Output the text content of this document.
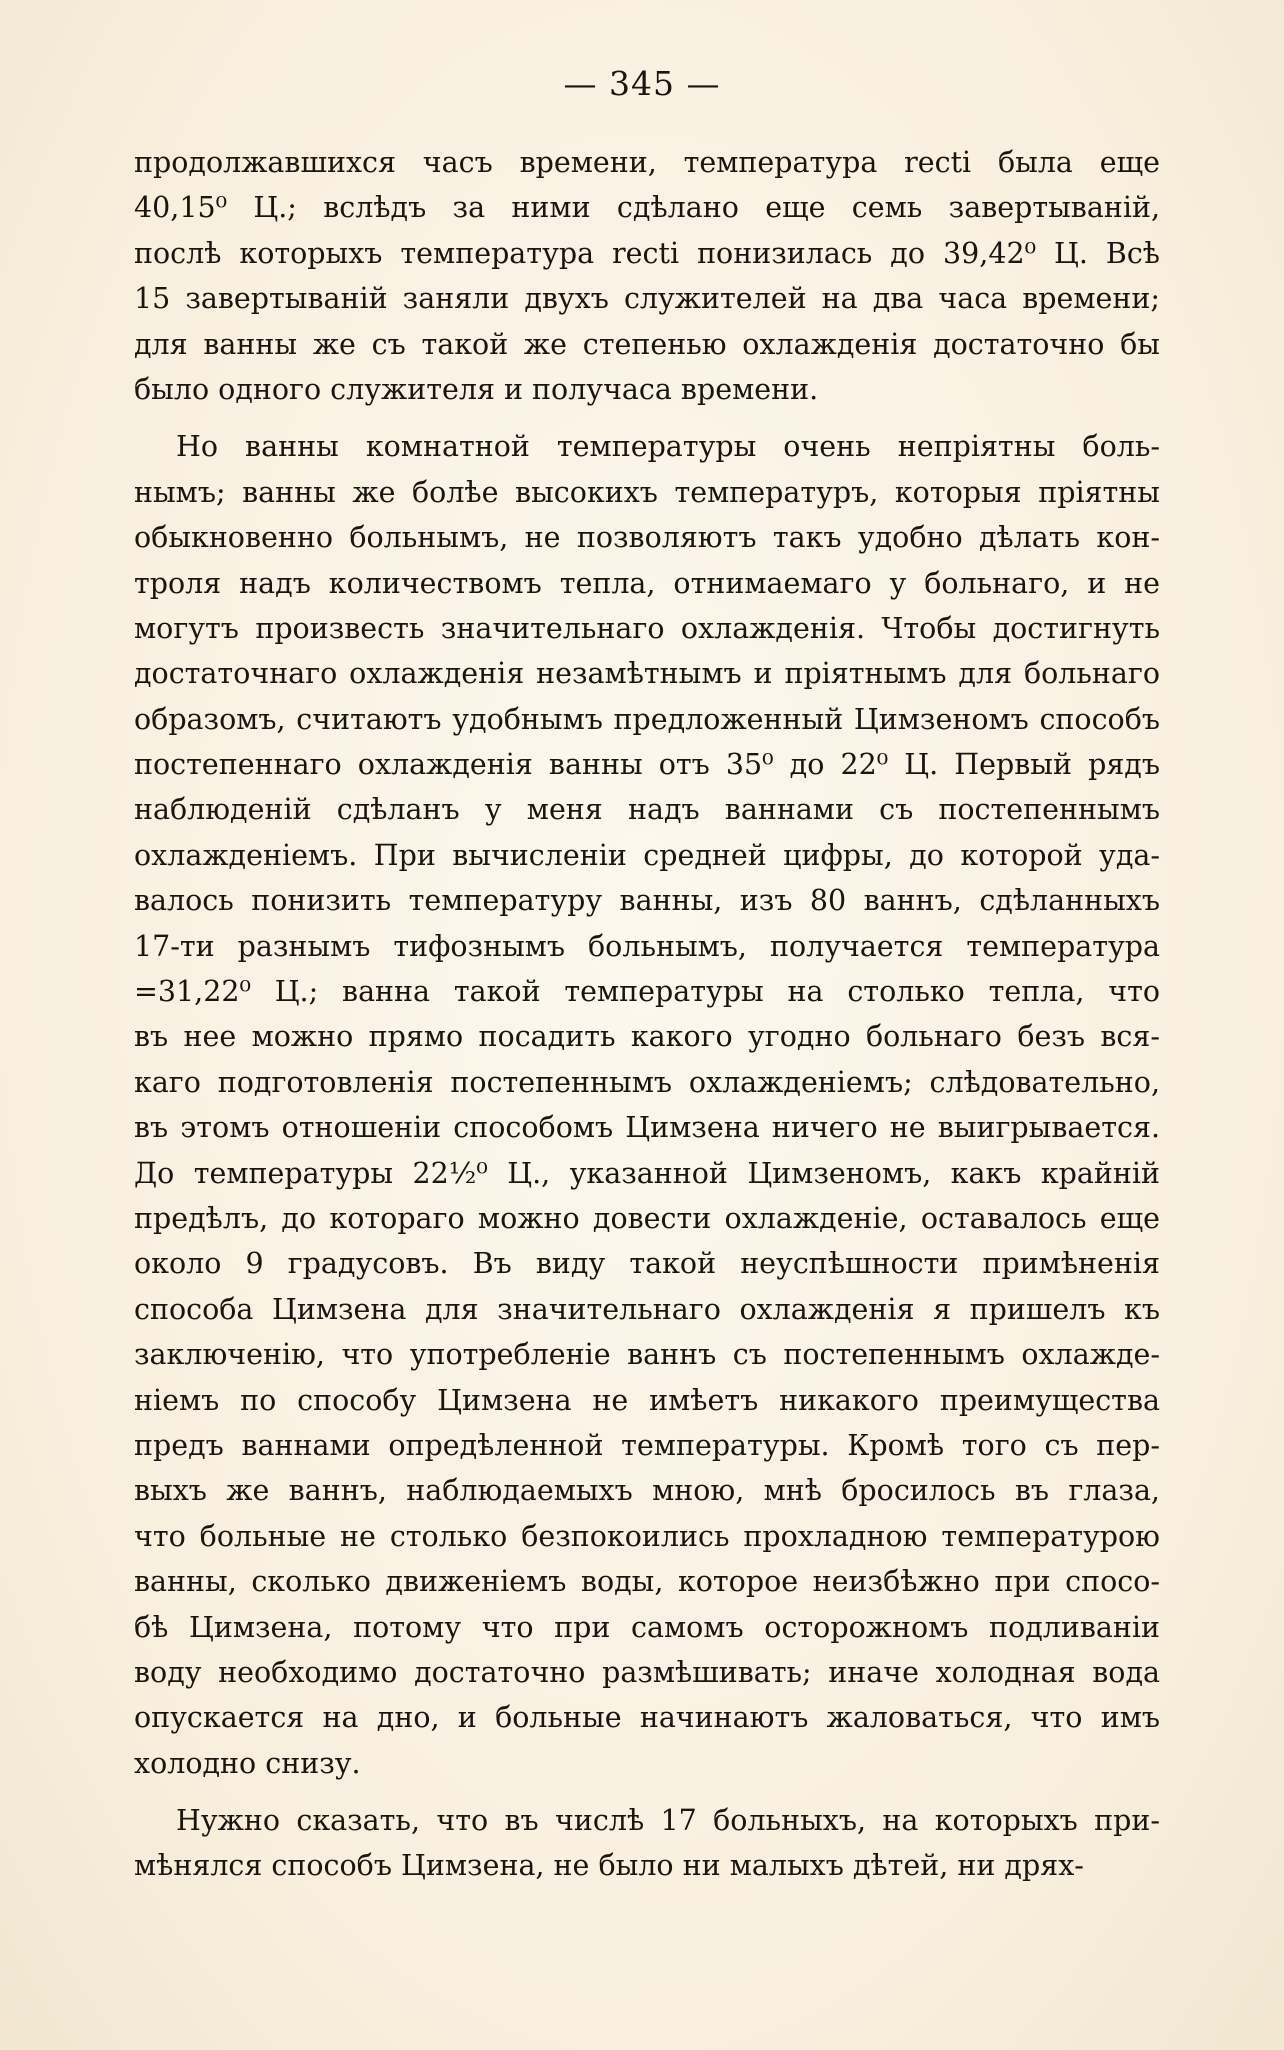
— 345 —
продолжавшихся часъ времени, температура recti была еще
40,15⁰ Ц.; вслѣдъ за ними сдѣлано еще семь завертываній,
послѣ которыхъ температура recti понизилась до 39,42⁰ Ц. Всѣ
15 завертываній заняли двухъ служителей на два часа времени;
для ванны же съ такой же степенью охлажденія достаточно бы
было одного служителя и получаса времени.
Но ванны комнатной температуры очень непріятны боль-
нымъ; ванны же болѣе высокихъ температуръ, которыя пріятны
обыкновенно больнымъ, не позволяютъ такъ удобно дѣлать кон-
троля надъ количествомъ тепла, отнимаемаго у больнаго, и не
могутъ произвесть значительнаго охлажденія. Чтобы достигнуть
достаточнаго охлажденія незамѣтнымъ и пріятнымъ для больнаго
образомъ, считаютъ удобнымъ предложенный Цимзеномъ способъ
постепеннаго охлажденія ванны отъ 35⁰ до 22⁰ Ц. Первый рядъ
наблюденій сдѣланъ у меня надъ ваннами съ постепеннымъ
охлажденіемъ. При вычисленіи средней цифры, до которой уда-
валось понизить температуру ванны, изъ 80 ваннъ, сдѣланныхъ
17-ти разнымъ тифознымъ больнымъ, получается температура
=31,22⁰ Ц.; ванна такой температуры на столько тепла, что
въ нее можно прямо посадить какого угодно больнаго безъ вся-
каго подготовленія постепеннымъ охлажденіемъ; слѣдовательно,
въ этомъ отношеніи способомъ Цимзена ничего не выигрывается.
До температуры 22½⁰ Ц., указанной Цимзеномъ, какъ крайній
предѣлъ, до котораго можно довести охлажденіе, оставалось еще
около 9 градусовъ. Въ виду такой неуспѣшности примѣненія
способа Цимзена для значительнаго охлажденія я пришелъ къ
заключенію, что употребленіе ваннъ съ постепеннымъ охлажде-
ніемъ по способу Цимзена не имѣетъ никакого преимущества
предъ ваннами опредѣленной температуры. Кромѣ того съ пер-
выхъ же ваннъ, наблюдаемыхъ мною, мнѣ бросилось въ глаза,
что больные не столько безпокоились прохладною температурою
ванны, сколько движеніемъ воды, которое неизбѣжно при спосо-
бѣ Цимзена, потому что при самомъ осторожномъ подливаніи
воду необходимо достаточно размѣшивать; иначе холодная вода
опускается на дно, и больные начинаютъ жаловаться, что имъ
холодно снизу.
Нужно сказать, что въ числѣ 17 больныхъ, на которыхъ при-
мѣнялся способъ Цимзена, не было ни малыхъ дѣтей, ни дрях-
